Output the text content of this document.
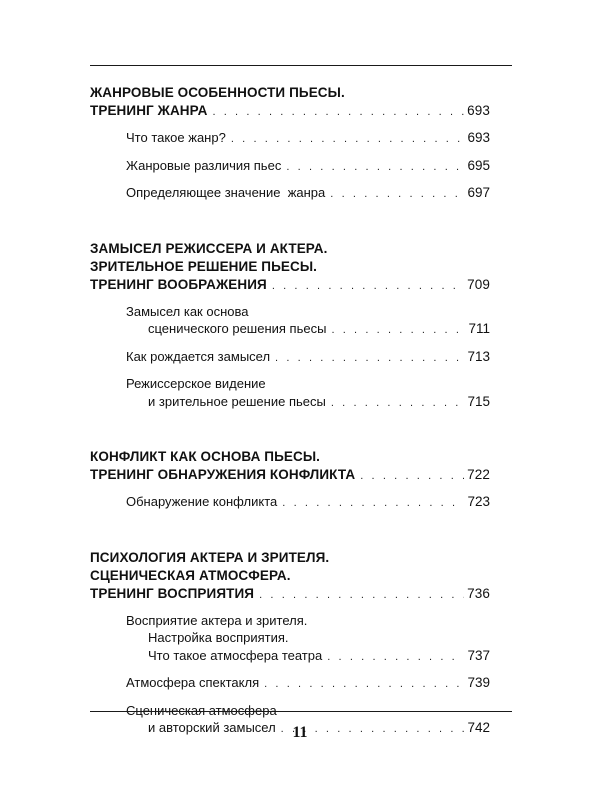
ЖАНРОВЫЕ ОСОБЕННОСТИ ПЬЕСЫ.
ТРЕНИНГ ЖАНРА . . .	693
Что такое жанр? . . .	693
Жанровые различия пьес . . .	695
Определяющее значение  жанра . . .	697
ЗАМЫСЕЛ РЕЖИССЕРА И АКТЕРА.
ЗРИТЕЛЬНОЕ РЕШЕНИЕ ПЬЕСЫ.
ТРЕНИНГ ВООБРАЖЕНИЯ . . .	709
Замысел как основа
сценического решения пьесы . . .	711
Как рождается замысел . . .	713
Режиссерское видение
и зрительное решение пьесы . . .	715
КОНФЛИКТ КАК ОСНОВА ПЬЕСЫ.
ТРЕНИНГ ОБНАРУЖЕНИЯ КОНФЛИКТА . . .	722
Обнаружение конфликта . . .	723
ПСИХОЛОГИЯ АКТЕРА И ЗРИТЕЛЯ.
СЦЕНИЧЕСКАЯ АТМОСФЕРА.
ТРЕНИНГ ВОСПРИЯТИЯ . . .	736
Восприятие актера и зрителя.
Настройка восприятия.
Что такое атмосфера театра . . .	737
Атмосфера спектакля . . .	739
Сценическая атмосфера
и авторский замысел . . .	742
11
